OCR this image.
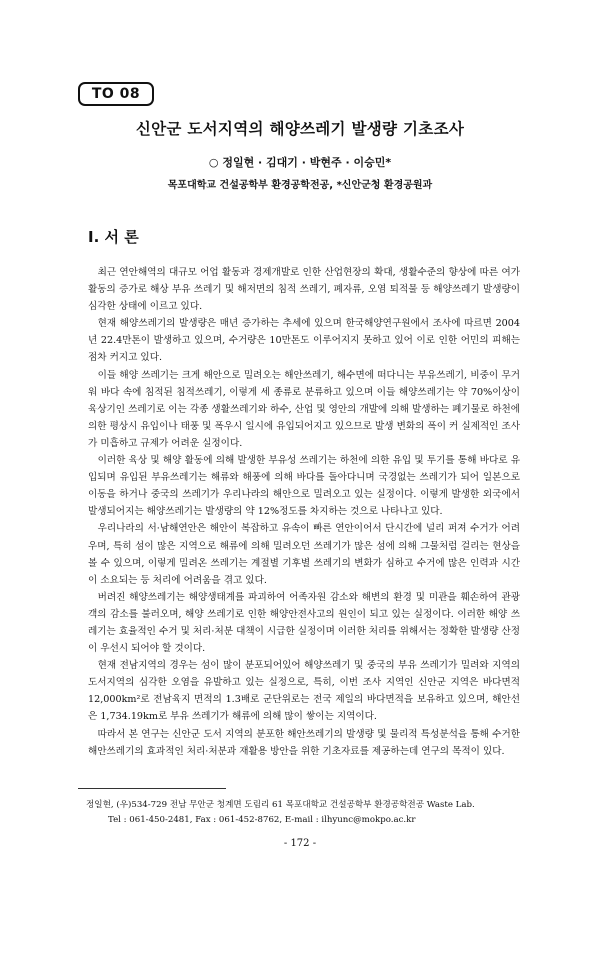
TO 08
신안군 도서지역의 해양쓰레기 발생량 기초조사
○ 정일현 · 김대기 · 박현주 · 이승민*
목포대학교 건설공학부 환경공학전공, *신안군청 환경공원과
I. 서 론

최근 연안해역의 대규모 어업 활동과 경제개발로 인한 산업현장의 확대, 생활수준의 향상에 따른 여가활동의 증가로 해상 부유 쓰레기 및 해저면의 침적 쓰레기, 폐자류, 오염 퇴적물 등 해양쓰레기 발생량이 심각한 상태에 이르고 있다.

현재 해양쓰레기의 발생량은 매년 증가하는 추세에 있으며 한국해양연구원에서 조사에 따르면 2004년 22.4만톤이 발생하고 있으며, 수거량은 10만톤도 이루어지지 못하고 있어 이로 인한 어민의 피해는 점차 커지고 있다.

이들 해양 쓰레기는 크게 해안으로 밀려오는 해안쓰레기, 해수면에 떠다니는 부유쓰레기, 비중이 무거워 바다 속에 침적된 침적쓰레기, 이렇게 세 종류로 분류하고 있으며 이들 해양쓰레기는 약 70%이상이 육상기인 쓰레기로 이는 각종 생활쓰레기와 하수, 산업 및 영안의 개발에 의해 발생하는 폐기물로 하천에 의한 평상시 유입이나 태풍 및 폭우시 일시에 유입되어지고 있으므로 발생 변화의 폭이 커 실제적인 조사가 미흡하고 규제가 어려운 실정이다.

이러한 육상 및 해양 활동에 의해 발생한 부유성 쓰레기는 하천에 의한 유입 및 투기를 통해 바다로 유입되며 유입된 부유쓰레기는 해류와 해풍에 의해 바다를 돌아다니며 국경없는 쓰레기가 되어 일본으로 이동을 하거나 중국의 쓰레기가 우리나라의 해안으로 밀려오고 있는 실정이다. 이렇게 발생한 외국에서 발생되어지는 해양쓰레기는 발생량의 약 12%정도를 차지하는 것으로 나타나고 있다.

우리나라의 서·남해연안은 해안이 복잡하고 유속이 빠른 연안이어서 단시간에 널리 퍼져 수거가 어려우며, 특히 섬이 많은 지역으로 해류에 의해 밀려오던 쓰레기가 많은 섬에 의해 그물처럼 걸리는 현상을 볼 수 있으며, 이렇게 밀려온 쓰레기는 계절별 기후별 쓰레기의 변화가 심하고 수거에 많은 인력과 시간이 소요되는 등 처리에 어려움을 겪고 있다.

버려진 해양쓰레기는 해양생태계를 파괴하여 어족자원 감소와 해변의 환경 및 미관을 훼손하여 관광객의 감소를 불러오며, 해양 쓰레기로 인한 해양안전사고의 원인이 되고 있는 실정이다. 이러한 해양 쓰레기는 효율적인 수거 및 처리·처분 대책이 시급한 실정이며 이러한 처리를 위해서는 정확한 발생량 산정이 우선시 되어야 할 것이다.

현재 전남지역의 경우는 섬이 많이 분포되어있어 해양쓰레기 및 중국의 부유 쓰레기가 밀려와 지역의 도서지역의 심각한 오염을 유발하고 있는 실정으로, 특히, 이번 조사 지역인 신안군 지역은 바다면적 12,000km²로 전남육지 면적의 1.3배로 군단위로는 전국 제일의 바다면적을 보유하고 있으며, 해안선은 1,734.19km로 부유 쓰레기가 해류에 의해 많이 쌓이는 지역이다.

따라서 본 연구는 신안군 도서 지역의 분포한 해안쓰레기의 발생량 및 물리적 특성분석을 통해 수거한 해안쓰레기의 효과적인 처리·처분과 재활용 방안을 위한 기초자료를 제공하는데 연구의 목적이 있다.

정일현, (우)534-729 전남 무안군 청계면 도림리 61 목포대학교 건설공학부 환경공학전공 Waste Lab.
Tel : 061-450-2481, Fax : 061-452-8762, E-mail : ilhyunc@mokpo.ac.kr
- 172 -
